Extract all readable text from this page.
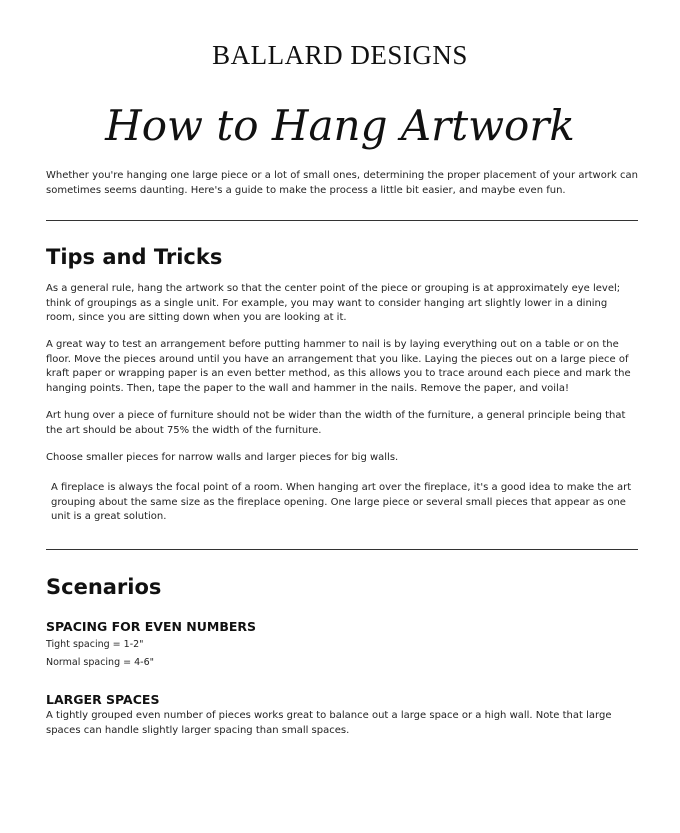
BALLARD DESIGNS
How to Hang Artwork
Whether you're hanging one large piece or a lot of small ones, determining the proper placement of your artwork can sometimes seems daunting. Here's a guide to make the process a little bit easier, and maybe even fun.
Tips and Tricks
As a general rule, hang the artwork so that the center point of the piece or grouping is at approximately eye level; think of groupings as a single unit. For example, you may want to consider hanging art slightly lower in a dining room, since you are sitting down when you are looking at it.
A great way to test an arrangement before putting hammer to nail is by laying everything out on a table or on the floor. Move the pieces around until you have an arrangement that you like. Laying the pieces out on a large piece of kraft paper or wrapping paper is an even better method, as this allows you to trace around each piece and mark the hanging points. Then, tape the paper to the wall and hammer in the nails. Remove the paper, and voila!
Art hung over a piece of furniture should not be wider than the width of the furniture, a general principle being that the art should be about 75% the width of the furniture.
Choose smaller pieces for narrow walls and larger pieces for big walls.
A fireplace is always the focal point of a room. When hanging art over the fireplace, it's a good idea to make the art grouping about the same size as the fireplace opening. One large piece or several small pieces that appear as one unit is a great solution.
Scenarios
SPACING FOR EVEN NUMBERS
Tight spacing = 1-2"
Normal spacing = 4-6"
LARGER SPACES
A tightly grouped even number of pieces works great to balance out a large space or a high wall. Note that large spaces can handle slightly larger spacing than small spaces.
